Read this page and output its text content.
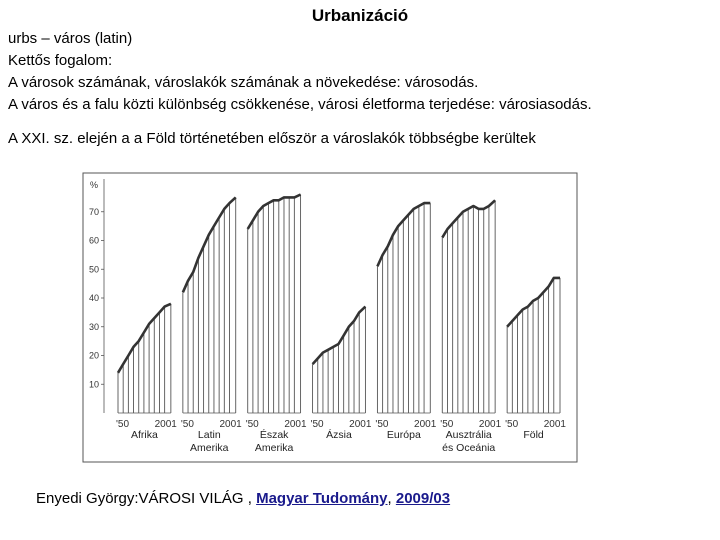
Urbanizáció
urbs – város (latin)
Kettős fogalom:
A városok számának, városlakók számának a növekedése: városodás.
A város és a falu közti különbség csökkenése, városi életforma terjedése: városiasodás.
A XXI. sz. elején a a Föld történetében először a városlakók többségbe kerültek
%
10
20
30
40
50
60
70
'50	2001
Afrika
'50	2001
Latin
Amerika
'50	2001
Észak
Amerika
'50	2001
Ázsia
'50	2001
Európa
'50	2001
Ausztrália
és Oceánia
'50	2001
Föld
Enyedi György:VÁROSI VILÁG , Magyar Tudomány, 2009/03
